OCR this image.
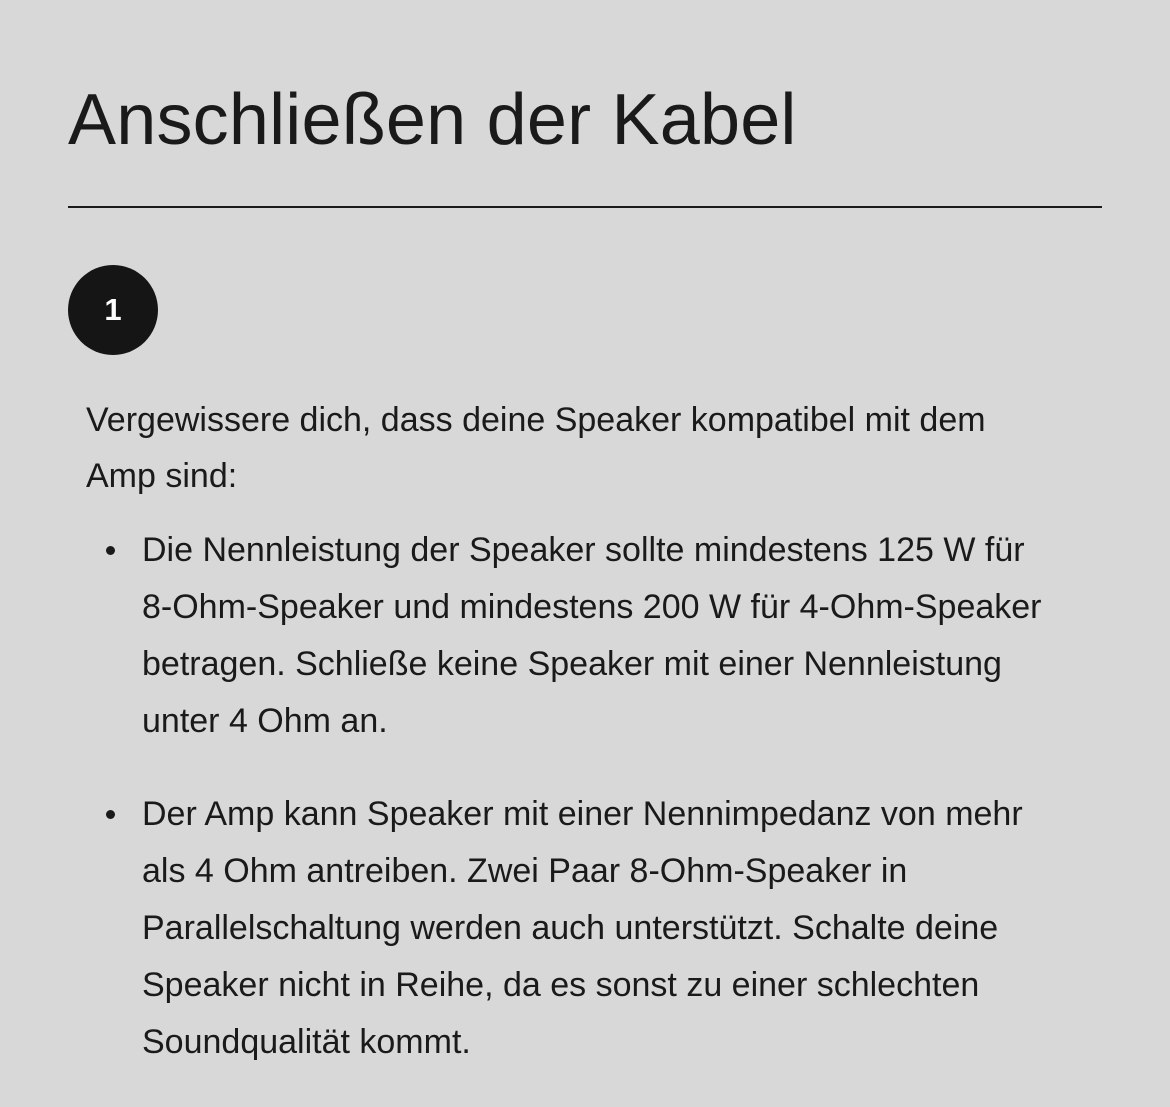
Anschließen der Kabel
1

Vergewissere dich, dass deine Speaker kompatibel mit dem
Amp sind:

Die Nennleistung der Speaker sollte mindestens 125 W für
8-Ohm-Speaker und mindestens 200 W für 4-Ohm-Speaker
betragen. Schließe keine Speaker mit einer Nennleistung
unter 4 Ohm an.
Der Amp kann Speaker mit einer Nennimpedanz von mehr
als 4 Ohm antreiben. Zwei Paar 8-Ohm-Speaker in
Parallelschaltung werden auch unterstützt. Schalte deine
Speaker nicht in Reihe, da es sonst zu einer schlechten
Soundqualität kommt.
